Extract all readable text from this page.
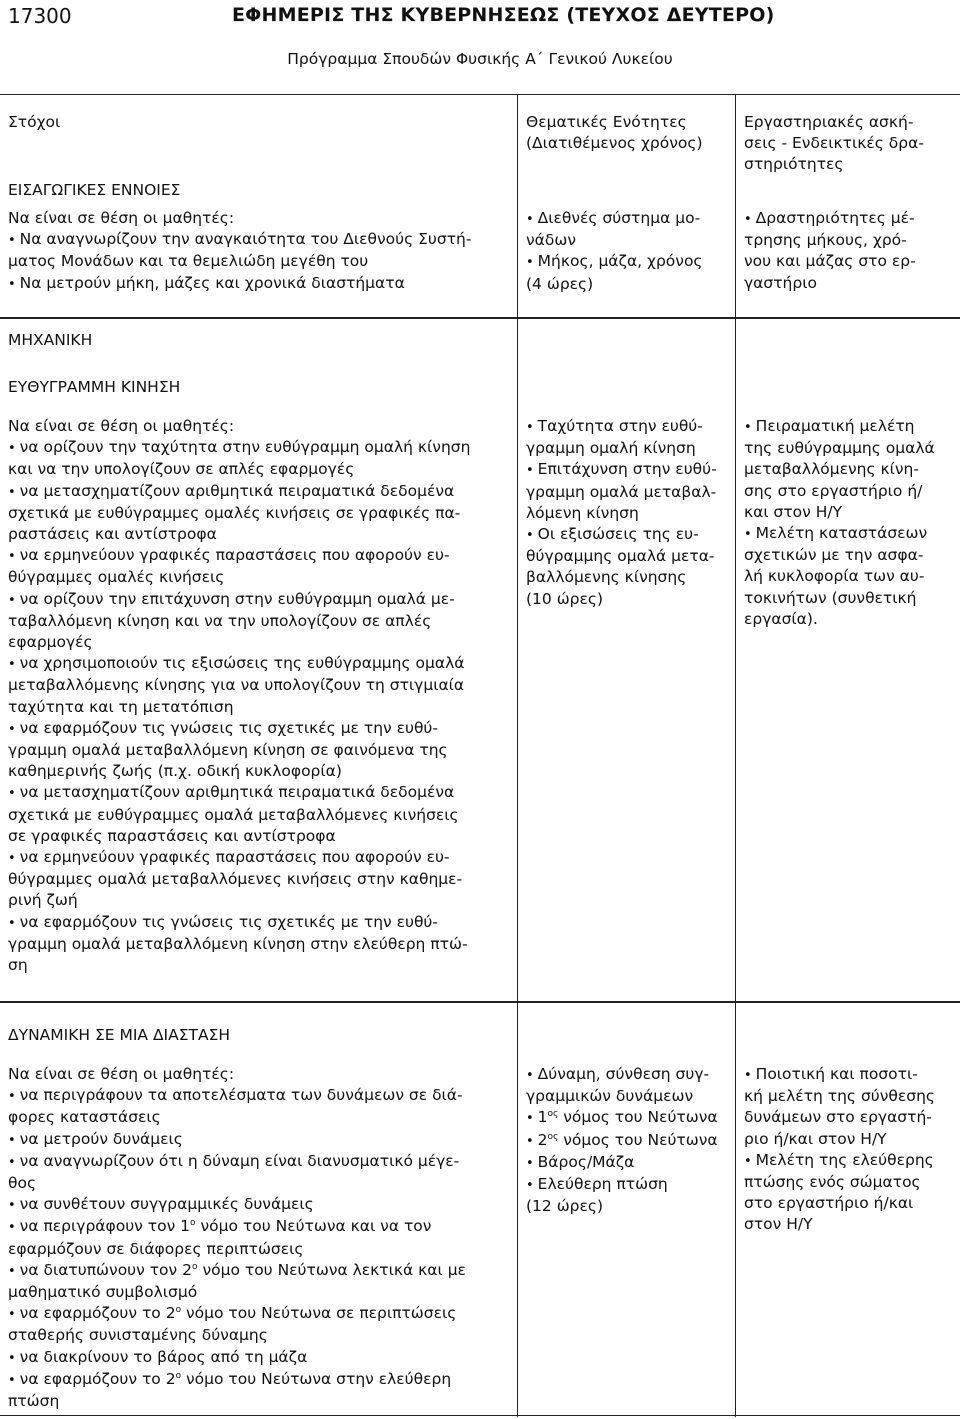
17300	ΕΦΗΜΕΡΙΣ ΤΗΣ ΚΥΒΕΡΝΗΣΕΩΣ (ΤΕΥΧΟΣ ΔΕΥΤΕΡΟ)
Πρόγραμμα Σπουδών Φυσικής Α΄ Γενικού Λυκείου

Στόχοι	Θεματικές Ενότητες

(Διατιθέμενος χρόνος)

Εργαστηριακές ασκή-

σεις - Ενδεικτικές δρα-

στηριότητες

ΕΙΣΑΓΩΓΙΚΕΣ ΕΝΝΟΙΕΣ

Να είναι σε θέση οι μαθητές:

• Να αναγνωρίζουν την αναγκαιότητα του Διεθνούς Συστή-

ματος Μονάδων και τα θεμελιώδη μεγέθη του

• Να μετρούν μήκη, μάζες και χρονικά διαστήματα

• Διεθνές σύστημα μο-

νάδων

• Μήκος, μάζα, χρόνος

(4 ώρες)

• Δραστηριότητες μέ-

τρησης μήκους, χρό-

νου και μάζας στο ερ-

γαστήριο

ΜΗΧΑΝΙΚΗ
ΕΥΘΥΓΡΑΜΜΗ ΚΙΝΗΣΗ

Να είναι σε θέση οι μαθητές:

• να ορίζουν την ταχύτητα στην ευθύγραμμη ομαλή κίνηση

και να την υπολογίζουν σε απλές εφαρμογές

• να μετασχηματίζουν αριθμητικά πειραματικά δεδομένα

σχετικά με ευθύγραμμες ομαλές κινήσεις σε γραφικές πα-

ραστάσεις και αντίστροφα

• να ερμηνεύουν γραφικές παραστάσεις που αφορούν ευ-

θύγραμμες ομαλές κινήσεις

• να ορίζουν την επιτάχυνση στην ευθύγραμμη ομαλά με-

ταβαλλόμενη κίνηση και να την υπολογίζουν σε απλές

εφαρμογές

• να χρησιμοποιούν τις εξισώσεις της ευθύγραμμης ομαλά

μεταβαλλόμενης κίνησης για να υπολογίζουν τη στιγμιαία

ταχύτητα και τη μετατόπιση

• να εφαρμόζουν τις γνώσεις τις σχετικές με την ευθύ-

γραμμη ομαλά μεταβαλλόμενη κίνηση σε φαινόμενα της

καθημερινής ζωής (π.χ. οδική κυκλοφορία)

• να μετασχηματίζουν αριθμητικά πειραματικά δεδομένα

σχετικά με ευθύγραμμες ομαλά μεταβαλλόμενες κινήσεις

σε γραφικές παραστάσεις και αντίστροφα

• να ερμηνεύουν γραφικές παραστάσεις που αφορούν ευ-

θύγραμμες ομαλά μεταβαλλόμενες κινήσεις στην καθημε-

ρινή ζωή

• να εφαρμόζουν τις γνώσεις τις σχετικές με την ευθύ-

γραμμη ομαλά μεταβαλλόμενη κίνηση στην ελεύθερη πτώ-

ση

• Ταχύτητα στην ευθύ-

γραμμη ομαλή κίνηση

• Επιτάχυνση στην ευθύ-

γραμμη ομαλά μεταβαλ-

λόμενη κίνηση

• Οι εξισώσεις της ευ-

θύγραμμης ομαλά μετα-

βαλλόμενης κίνησης

(10 ώρες)

• Πειραματική μελέτη

της ευθύγραμμης ομαλά

μεταβαλλόμενης κίνη-

σης στο εργαστήριο ή/

και στον Η/Υ

• Μελέτη καταστάσεων

σχετικών με την ασφα-

λή κυκλοφορία των αυ-

τοκινήτων (συνθετική

εργασία).

ΔΥΝΑΜΙΚΗ ΣΕ ΜΙΑ ΔΙΑΣΤΑΣΗ

Να είναι σε θέση οι μαθητές:

• να περιγράφουν τα αποτελέσματα των δυνάμεων σε διά-

φορες καταστάσεις

• να μετρούν δυνάμεις

• να αναγνωρίζουν ότι η δύναμη είναι διανυσματικό μέγε-

θος

• να συνθέτουν συγγραμμικές δυνάμεις

• να περιγράφουν τον $1^o$ νόμο του Νεύτωνα και να τον

εφαρμόζουν σε διάφορες περιπτώσεις

• να διατυπώνουν τον $2^o$ νόμο του Νεύτωνα λεκτικά και με

μαθηματικό συμβολισμό

• να εφαρμόζουν το $2^o$ νόμο του Νεύτωνα σε περιπτώσεις

σταθερής συνισταμένης δύναμης

• να διακρίνουν το βάρος από τη μάζα

• να εφαρμόζουν το $2^o$ νόμο του Νεύτωνα στην ελεύθερη

πτώση

• Δύναμη, σύνθεση συγ-

γραμμικών δυνάμεων

• $1^{o\varsigma}$ νόμος του Νεύτωνα

• $2^{o\varsigma}$ νόμος του Νεύτωνα

• Βάρος/Μάζα

• Ελεύθερη πτώση

(12 ώρες)

• Ποιοτική και ποσοτι-

κή μελέτη της σύνθεσης

δυνάμεων στο εργαστή-

ριο ή/και στον Η/Υ

• Μελέτη της ελεύθερης

πτώσης ενός σώματος

στο εργαστήριο ή/και

στον Η/Υ
